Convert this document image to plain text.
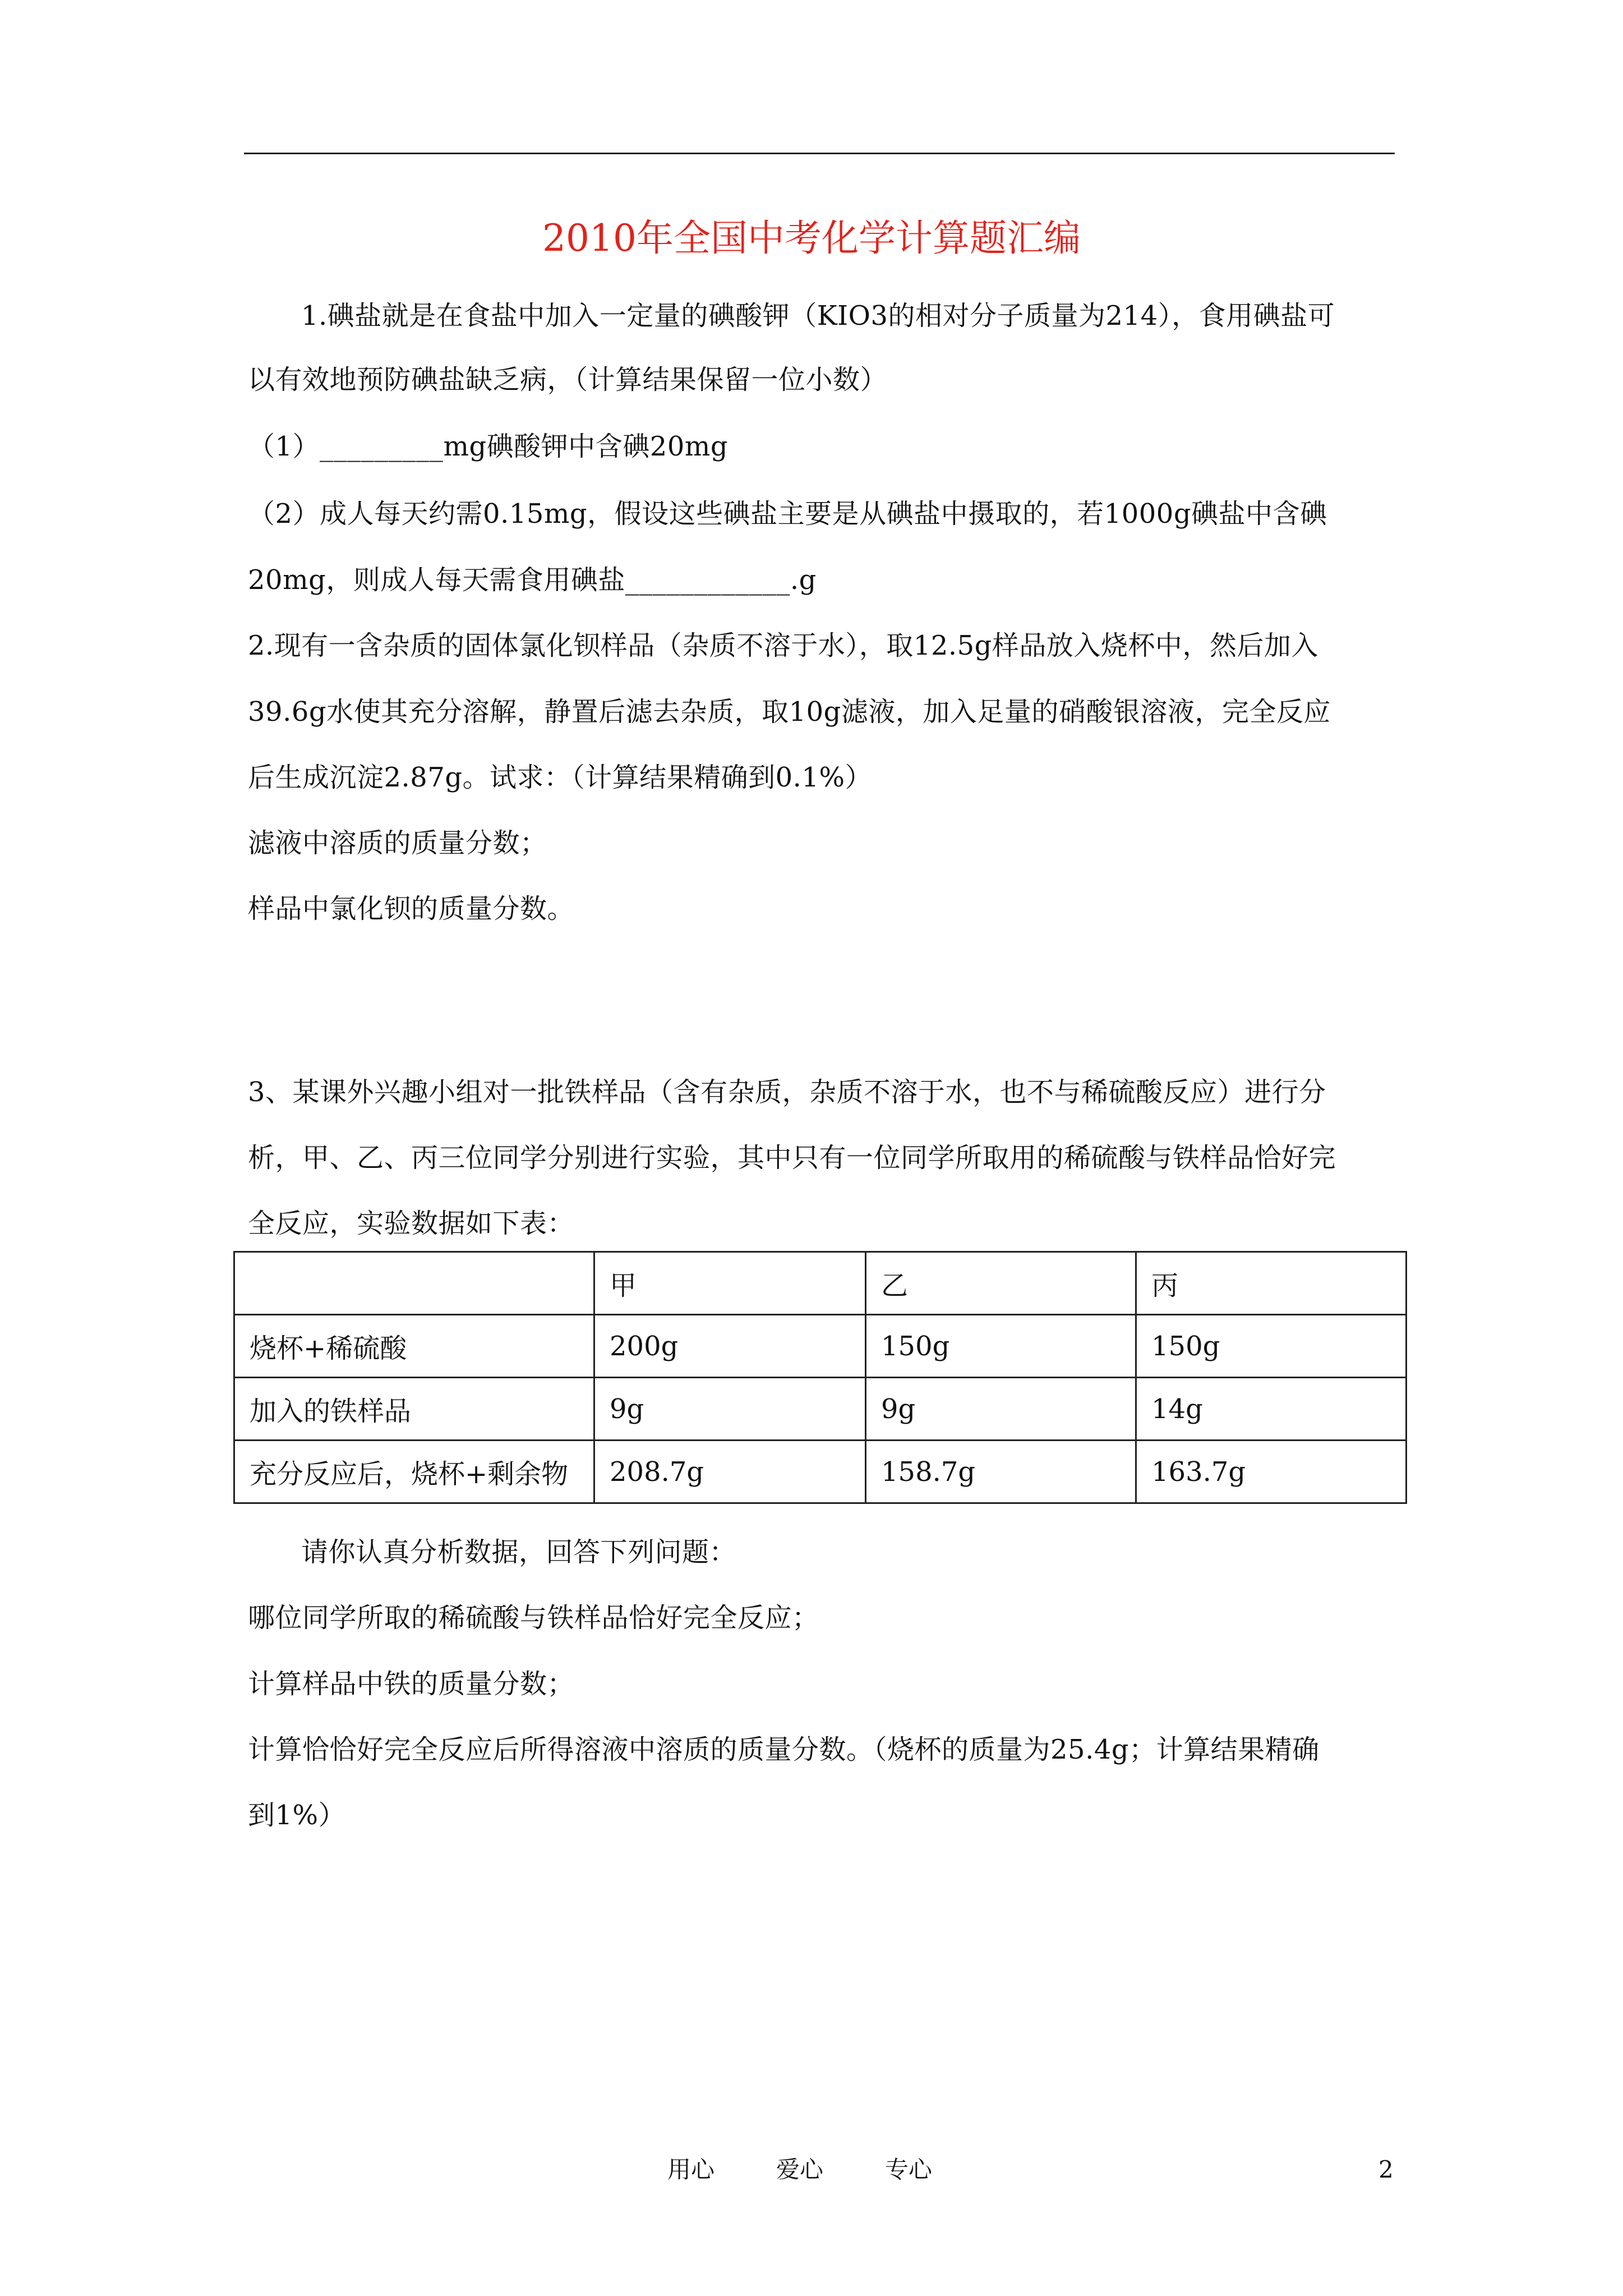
2010年全国中考化学计算题汇编
1.碘盐就是在食盐中加入一定量的碘酸钾（KIO3的相对分子质量为214），食用碘盐可
以有效地预防碘盐缺乏病，（计算结果保留一位小数）
（1）_________mg碘酸钾中含碘20mg
（2）成人每天约需0.15mg，假设这些碘盐主要是从碘盐中摄取的，若1000g碘盐中含碘
20mg，则成人每天需食用碘盐____________.g
2.现有一含杂质的固体氯化钡样品（杂质不溶于水），取12.5g样品放入烧杯中，然后加入
39.6g水使其充分溶解，静置后滤去杂质，取10g滤液，加入足量的硝酸银溶液，完全反应
后生成沉淀2.87g。试求：（计算结果精确到0.1%）
滤液中溶质的质量分数；
样品中氯化钡的质量分数。
3、某课外兴趣小组对一批铁样品（含有杂质，杂质不溶于水，也不与稀硫酸反应）进行分
析，甲、乙、丙三位同学分别进行实验，其中只有一位同学所取用的稀硫酸与铁样品恰好完
全反应，实验数据如下表：
	甲	乙	丙
烧杯+稀硫酸	200g	150g	150g
加入的铁样品	9g	9g	14g
充分反应后，烧杯+剩余物	208.7g	158.7g	163.7g
请你认真分析数据，回答下列问题：
哪位同学所取的稀硫酸与铁样品恰好完全反应；
计算样品中铁的质量分数；
计算恰恰好完全反应后所得溶液中溶质的质量分数。（烧杯的质量为25.4g；计算结果精确
到1%）
用心	爱心	专心	2
